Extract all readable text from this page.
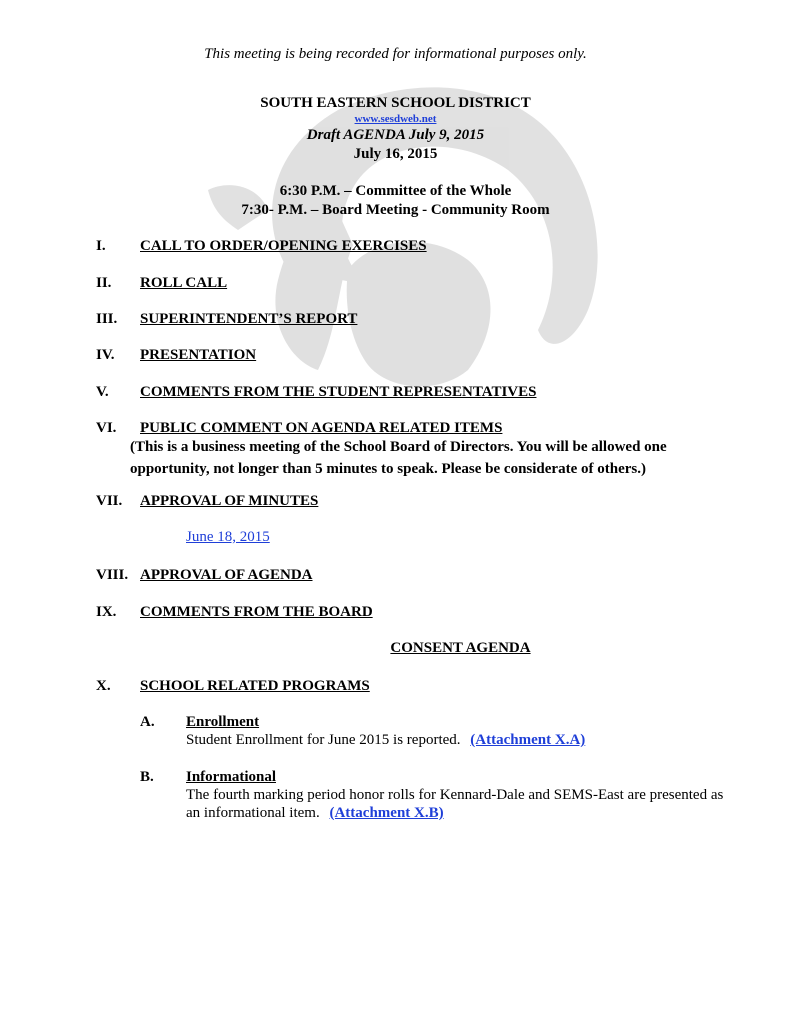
This meeting is being recorded for informational purposes only.
SOUTH EASTERN SCHOOL DISTRICT
www.sesdweb.net
Draft AGENDA July 9, 2015
July 16, 2015
6:30 P.M. – Committee of the Whole
7:30- P.M. – Board Meeting - Community Room
I. CALL TO ORDER/OPENING EXERCISES
II. ROLL CALL
III. SUPERINTENDENT’S REPORT
IV. PRESENTATION
V. COMMENTS FROM THE STUDENT REPRESENTATIVES
VI. PUBLIC COMMENT ON AGENDA RELATED ITEMS
(This is a business meeting of the School Board of Directors. You will be allowed one
opportunity, not longer than 5 minutes to speak. Please be considerate of others.)
VII. APPROVAL OF MINUTES
June 18, 2015
VIII. APPROVAL OF AGENDA
IX. COMMENTS FROM THE BOARD
CONSENT AGENDA
X. SCHOOL RELATED PROGRAMS
A. Enrollment
Student Enrollment for June 2015 is reported. (Attachment X.A)
B. Informational
The fourth marking period honor rolls for Kennard-Dale and SEMS-East are presented as
an informational item. (Attachment X.B)
